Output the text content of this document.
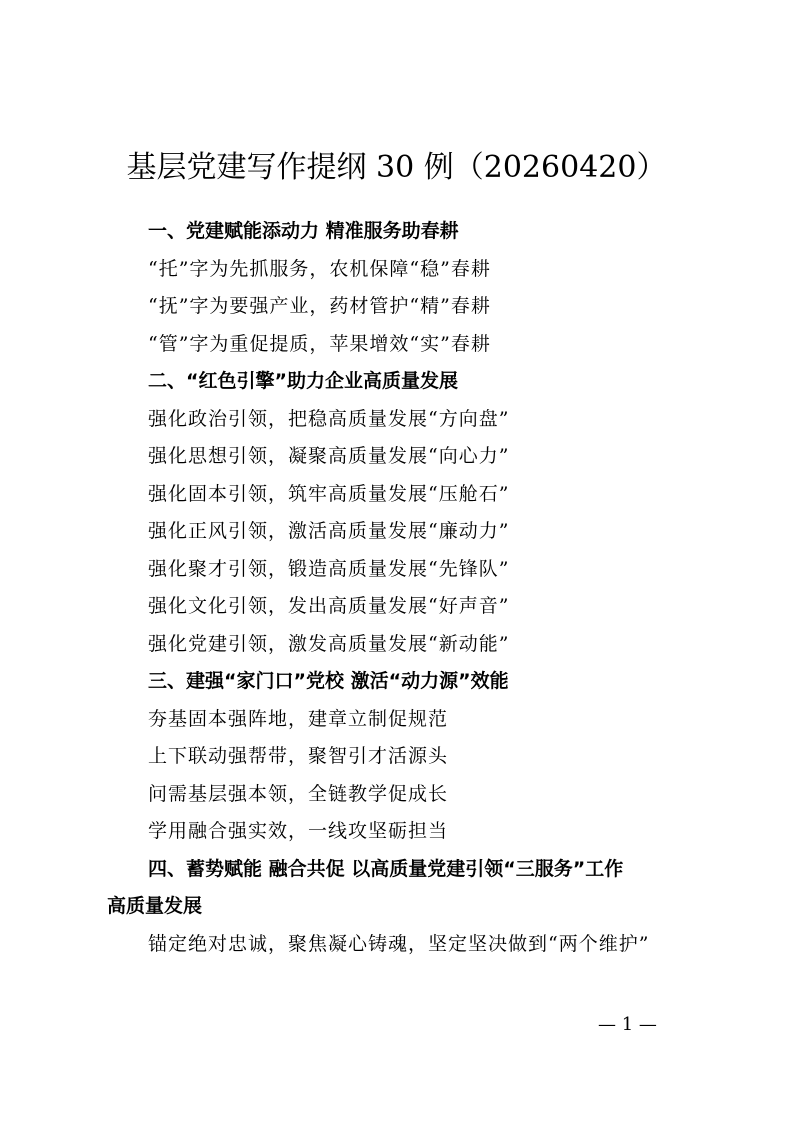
基层党建写作提纲 30 例（20260420）
一、党建赋能添动力 精准服务助春耕
“托”字为先抓服务，农机保障“稳”春耕
“抚”字为要强产业，药材管护“精”春耕
“管”字为重促提质，苹果增效“实”春耕
二、“红色引擎”助力企业高质量发展
强化政治引领，把稳高质量发展“方向盘”
强化思想引领，凝聚高质量发展“向心力”
强化固本引领，筑牢高质量发展“压舱石”
强化正风引领，激活高质量发展“廉动力”
强化聚才引领，锻造高质量发展“先锋队”
强化文化引领，发出高质量发展“好声音”
强化党建引领，激发高质量发展“新动能”
三、建强“家门口”党校 激活“动力源”效能
夯基固本强阵地，建章立制促规范
上下联动强帮带，聚智引才活源头
问需基层强本领，全链教学促成长
学用融合强实效，一线攻坚砺担当
四、蓄势赋能 融合共促 以高质量党建引领“三服务”工作
高质量发展
锚定绝对忠诚，聚焦凝心铸魂，坚定坚决做到“两个维护”
— 1 —
